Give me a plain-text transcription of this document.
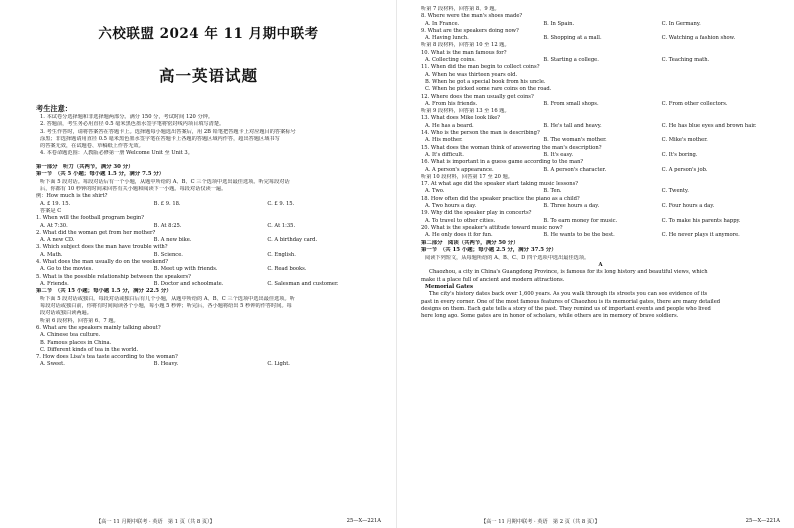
六校联盟 2024 年 11 月期中联考
高一英语试题
考生注意：
1. 本试卷分选择题和非选择题两部分。满分 150 分，考试时间 120 分钟。
2. 答题前，考生务必用直径 0.5 毫米黑色墨水签字笔将密封线内项目填写清楚。
3. 考生作答时，请将答案答在答题卡上。选择题每小题选出答案后，用 2B 铅笔把答题卡上对应题目的答案标号
涂黑；非选择题请用直径 0.5 毫米黑色墨水签字笔在答题卡上各题的答题区域内作答，超出答题区域书写
的答案无效，在试题卷、草稿纸上作答无效。
4. 本卷命题范围：人教版必修第一册 Welcome Unit 至 Unit 3。
第一部分　听力（共两节，满分 30 分）
第一节　（共 5 小题；每小题 1.5 分，满分 7.5 分）
听下面 5 段对话。每段对话后有一个小题，从题中所给的 A、B、C 三个选项中选出最佳选项。听完每段对话
后，你都有 10 秒钟的时间来回答有关小题和阅读下一小题。每段对话仅读一遍。
例：How much is the shirt?
A. £ 19. 15.	B. £ 9. 18.	C. £ 9. 15.
答案是 C
1. When will the football program begin?
A. At 7:30.	B. At 8:25.	C. At 1:35.
2. What did the woman get from her mother?
A. A new CD.	B. A new bike.	C. A birthday card.
3. Which subject does the man have trouble with?
A. Math.	B. Science.	C. English.
4. What does the man usually do on the weekend?
A. Go to the movies.	B. Meet up with friends.	C. Read books.
5. What is the possible relationship between the speakers?
A. Friends.	B. Doctor and schoolmate.	C. Salesman and customer.
第二节　（共 15 小题；每小题 1.5 分，满分 22.5 分）
听下面 5 段对话或独白。每段对话或独白后有几个小题，从题中所给的 A、B、C 三个选项中选出最佳选项。听
每段对话或独白前，你将有时间阅读各个小题，每小题 5 秒钟；听完后，各小题将给出 5 秒钟的作答时间。每
段对话或独白读两遍。
听第 6 段材料，回答第 6、7 题。
6. What are the speakers mainly talking about?
A. Chinese tea culture.
B. Famous places in China.
C. Different kinds of tea in the world.
7. How does Lisa's tea taste according to the woman?
A. Sweet.	B. Heavy.	C. Light.
【高一 11 月期中联考 · 英语　第 1 页（共 8 页）】	25—X—221A
听第 7 段材料，回答第 8、9 题。
8. Where were the man's shoes made?
A. In France.	B. In Spain.	C. In Germany.
9. What are the speakers doing now?
A. Having lunch.	B. Shopping at a mall.	C. Watching a fashion show.
听第 8 段材料，回答第 10 至 12 题。
10. What is the man famous for?
A. Collecting coins.	B. Starting a college.	C. Teaching math.
11. When did the man begin to collect coins?
A. When he was thirteen years old.
B. When he got a special book from his uncle.
C. When he picked some rare coins on the road.
12. Where does the man usually get coins?
A. From his friends.	B. From small shops.	C. From other collectors.
听第 9 段材料，回答第 13 至 16 题。
13. What does Mike look like?
A. He has a beard.	B. He's tall and heavy.	C. He has blue eyes and brown hair.
14. Who is the person the man is describing?
A. His mother.	B. The woman's mother.	C. Mike's mother.
15. What does the woman think of answering the man's description?
A. It's difficult.	B. It's easy.	C. It's boring.
16. What is important in a guess game according to the man?
A. A person's appearance.	B. A person's character.	C. A person's job.
听第 10 段材料，回答第 17 至 20 题。
17. At what age did the speaker start taking music lessons?
A. Two.	B. Ten.	C. Twenty.
18. How often did the speaker practice the piano as a child?
A. Two hours a day.	B. Three hours a day.	C. Four hours a day.
19. Why did the speaker play in concerts?
A. To travel to other cities.	B. To earn money for music.	C. To make his parents happy.
20. What is the speaker's attitude toward music now?
A. He only does it for fun.	B. He wants to be the best.	C. He never plays it anymore.
第二部分　阅读（共两节，满分 50 分）
第一节　（共 15 小题；每小题 2.5 分，满分 37.5 分）
阅读下列短文，从每题所给的 A、B、C、D 四个选项中选出最佳选项。
A
Chaozhou, a city in China's Guangdong Province, is famous for its long history and beautiful views, which
make it a place full of ancient and modern attractions.
Memorial Gates
The city's history dates back over 1,600 years. As you walk through its streets you can see evidence of its
past in every corner. One of the most famous features of Chaozhou is its memorial gates, there are many detailed
designs on them. Each gate tells a story of the past. They remind us of important events and people who lived
here long ago. Some gates are in honor of scholars, while others are in memory of brave soldiers.
【高一 11 月期中联考 · 英语　第 2 页（共 8 页）】	25—X—221A
